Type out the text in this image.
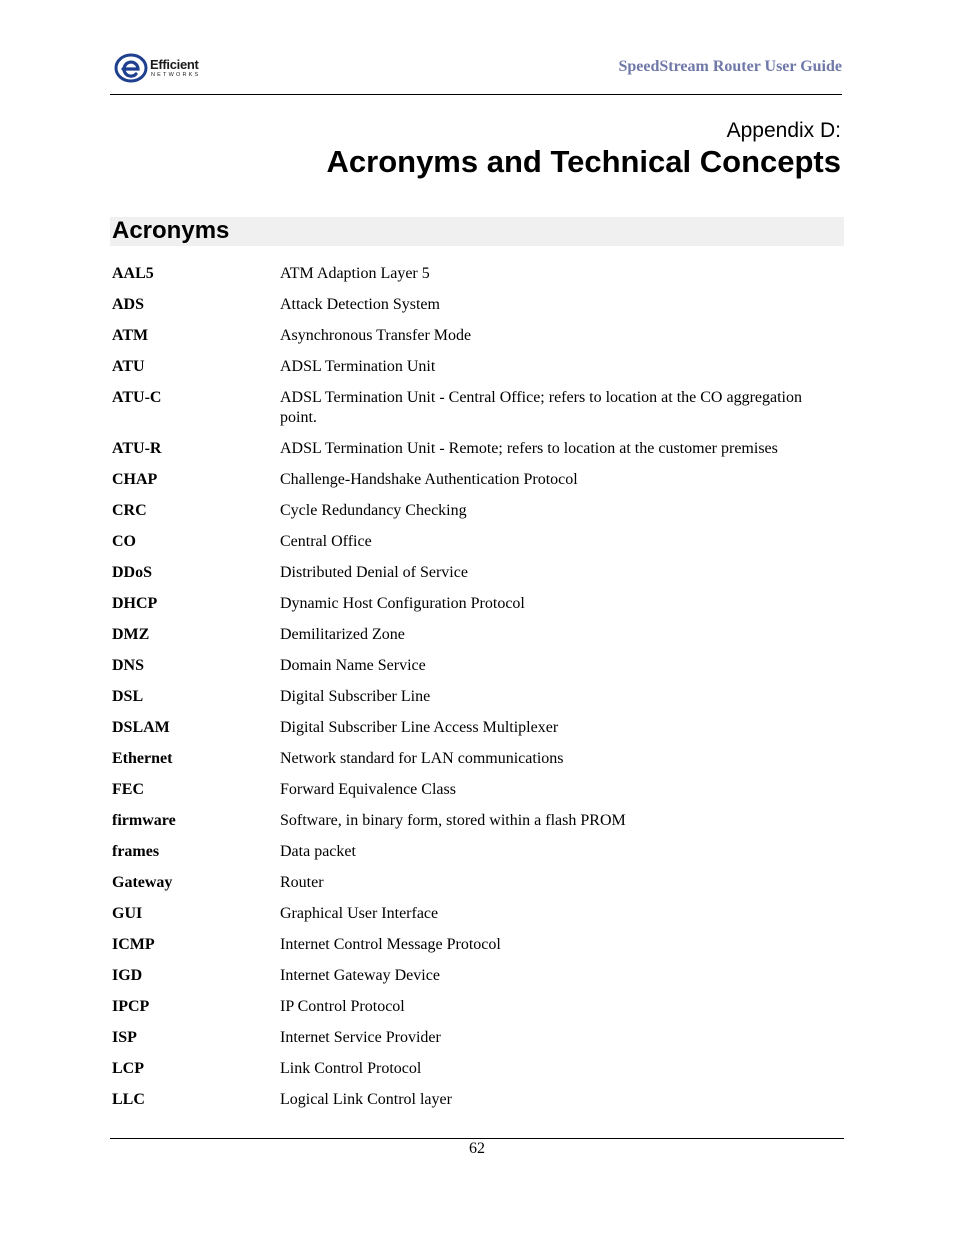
Efficient
NETWORKS	SpeedStream Router User Guide
Appendix D:
Acronyms and Technical Concepts
Acronyms
AAL5	ATM Adaption Layer 5
ADS	Attack Detection System
ATM	Asynchronous Transfer Mode
ATU	ADSL Termination Unit
ATU-C	ADSL Termination Unit - Central Office; refers to location at the CO aggregation point.
ATU-R	ADSL Termination Unit - Remote; refers to location at the customer premises
CHAP	Challenge-Handshake Authentication Protocol
CRC	Cycle Redundancy Checking
CO	Central Office
DDoS	Distributed Denial of Service
DHCP	Dynamic Host Configuration Protocol
DMZ	Demilitarized Zone
DNS	Domain Name Service
DSL	Digital Subscriber Line
DSLAM	Digital Subscriber Line Access Multiplexer
Ethernet	Network standard for LAN communications
FEC	Forward Equivalence Class
firmware	Software, in binary form, stored within a flash PROM
frames	Data packet
Gateway	Router
GUI	Graphical User Interface
ICMP	Internet Control Message Protocol
IGD	Internet Gateway Device
IPCP	IP Control Protocol
ISP	Internet Service Provider
LCP	Link Control Protocol
LLC	Logical Link Control layer
62
